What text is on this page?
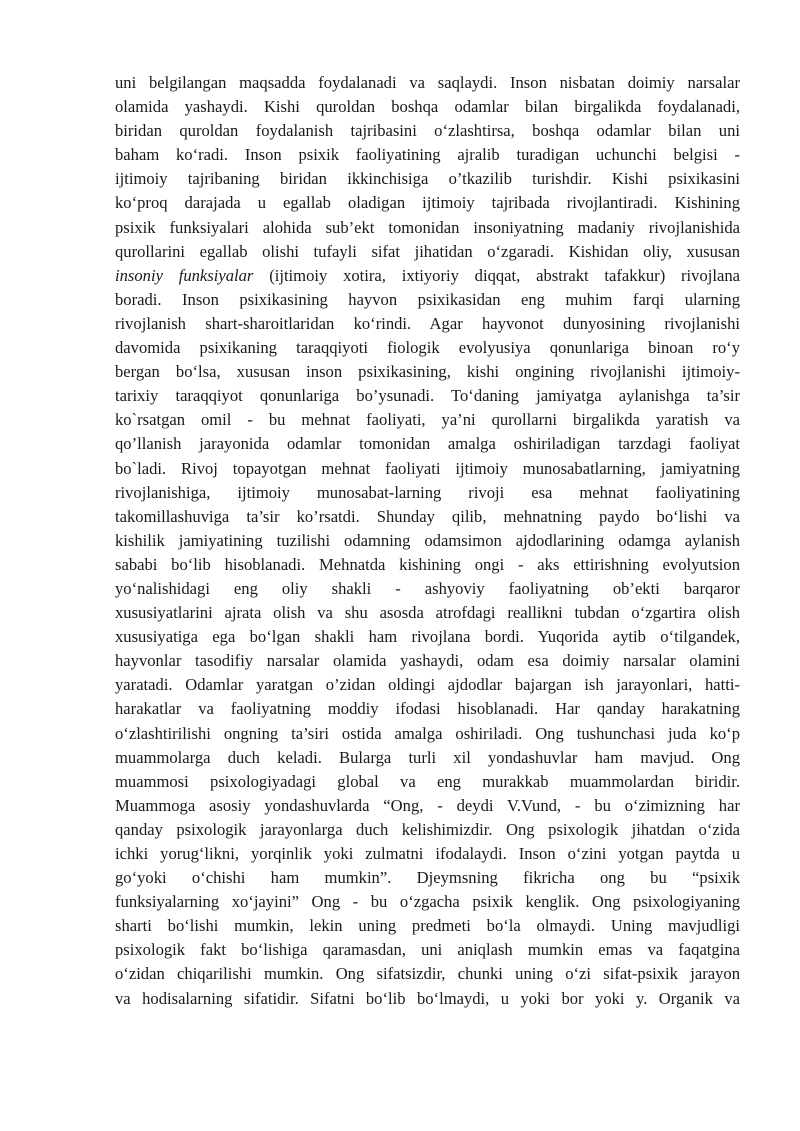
uni belgilangan maqsadda foydalanadi va saqlaydi. Inson nisbatan doimiy narsalar
olamida yashaydi. Kishi quroldan boshqa odamlar bilan birgalikda foydalanadi,
biridan quroldan foydalanish tajribasini o‘zlashtirsa, boshqa odamlar bilan uni
baham ko‘radi. Inson psixik faoliyatining ajralib turadigan uchunchi belgisi -
ijtimoiy tajribaning biridan ikkinchisiga o’tkazilib turishdir. Kishi psixikasini
ko‘proq darajada u egallab oladigan ijtimoiy tajribada rivojlantiradi. Kishining
psixik funksiyalari alohida sub’ekt tomonidan insoniyatning madaniy rivojlanishida
qurollarini egallab olishi tufayli sifat jihatidan o‘zgaradi. Kishidan oliy, xususan
insoniy funksiyalar (ijtimoiy xotira, ixtiyoriy diqqat, abstrakt tafakkur) rivojlana
boradi. Inson psixikasining hayvon psixikasidan eng muhim farqi ularning
rivojlanish shart-sharoitlaridan ko‘rindi. Agar hayvonot dunyosining rivojlanishi
davomida psixikaning taraqqiyoti fiologik evolyusiya qonunlariga binoan ro‘y
bergan bo‘lsa, xususan inson psixikasining, kishi ongining rivojlanishi ijtimoiy-
tarixiy taraqqiyot qonunlariga bo’ysunadi. To‘daning jamiyatga aylanishga ta’sir
ko`rsatgan omil - bu mehnat faoliyati, ya’ni qurollarni birgalikda yaratish va
qo’llanish jarayonida odamlar tomonidan amalga oshiriladigan tarzdagi faoliyat
bo`ladi. Rivoj topayotgan mehnat faoliyati ijtimoiy munosabatlarning, jamiyatning
rivojlanishiga, ijtimoiy munosabat-larning rivoji esa mehnat faoliyatining
takomillashuviga ta’sir ko’rsatdi. Shunday qilib, mehnatning paydo bo‘lishi va
kishilik jamiyatining tuzilishi odamning odamsimon ajdodlarining odamga aylanish
sababi bo‘lib hisoblanadi. Mehnatda kishining ongi - aks ettirishning evolyutsion
yo‘nalishidagi eng oliy shakli - ashyoviy faoliyatning ob’ekti barqaror
xususiyatlarini ajrata olish va shu asosda atrofdagi reallikni tubdan o‘zgartira olish
xususiyatiga ega bo‘lgan shakli ham rivojlana bordi. Yuqorida aytib o‘tilgandek,
hayvonlar tasodifiy narsalar olamida yashaydi, odam esa doimiy narsalar olamini
yaratadi. Odamlar yaratgan o’zidan oldingi ajdodlar bajargan ish jarayonlari, hatti-
harakatlar va faoliyatning moddiy ifodasi hisoblanadi. Har qanday harakatning
o‘zlashtirilishi ongning ta’siri ostida amalga oshiriladi. Ong tushunchasi juda ko‘p
muammolarga duch keladi. Bularga turli xil yondashuvlar ham mavjud. Ong
muammosi psixologiyadagi global va eng murakkab muammolardan biridir.
Muammoga asosiy yondashuvlarda “Ong, - deydi V.Vund, - bu o‘zimizning har
qanday psixologik jarayonlarga duch kelishimizdir. Ong psixologik jihatdan o‘zida
ichki yorug‘likni, yorqinlik yoki zulmatni ifodalaydi. Inson o‘zini yotgan paytda u
go‘yoki o‘chishi ham mumkin”. Djeymsning fikricha ong bu “psixik
funksiyalarning xo‘jayini” Ong - bu o‘zgacha psixik kenglik. Ong psixologiyaning
sharti bo‘lishi mumkin, lekin uning predmeti bo‘la olmaydi. Uning mavjudligi
psixologik fakt bo‘lishiga qaramasdan, uni aniqlash mumkin emas va faqatgina
o‘zidan chiqarilishi mumkin. Ong sifatsizdir, chunki uning o‘zi sifat-psixik jarayon
va hodisalarning sifatidir. Sifatni bo‘lib bo‘lmaydi, u yoki bor yoki y. Organik va
